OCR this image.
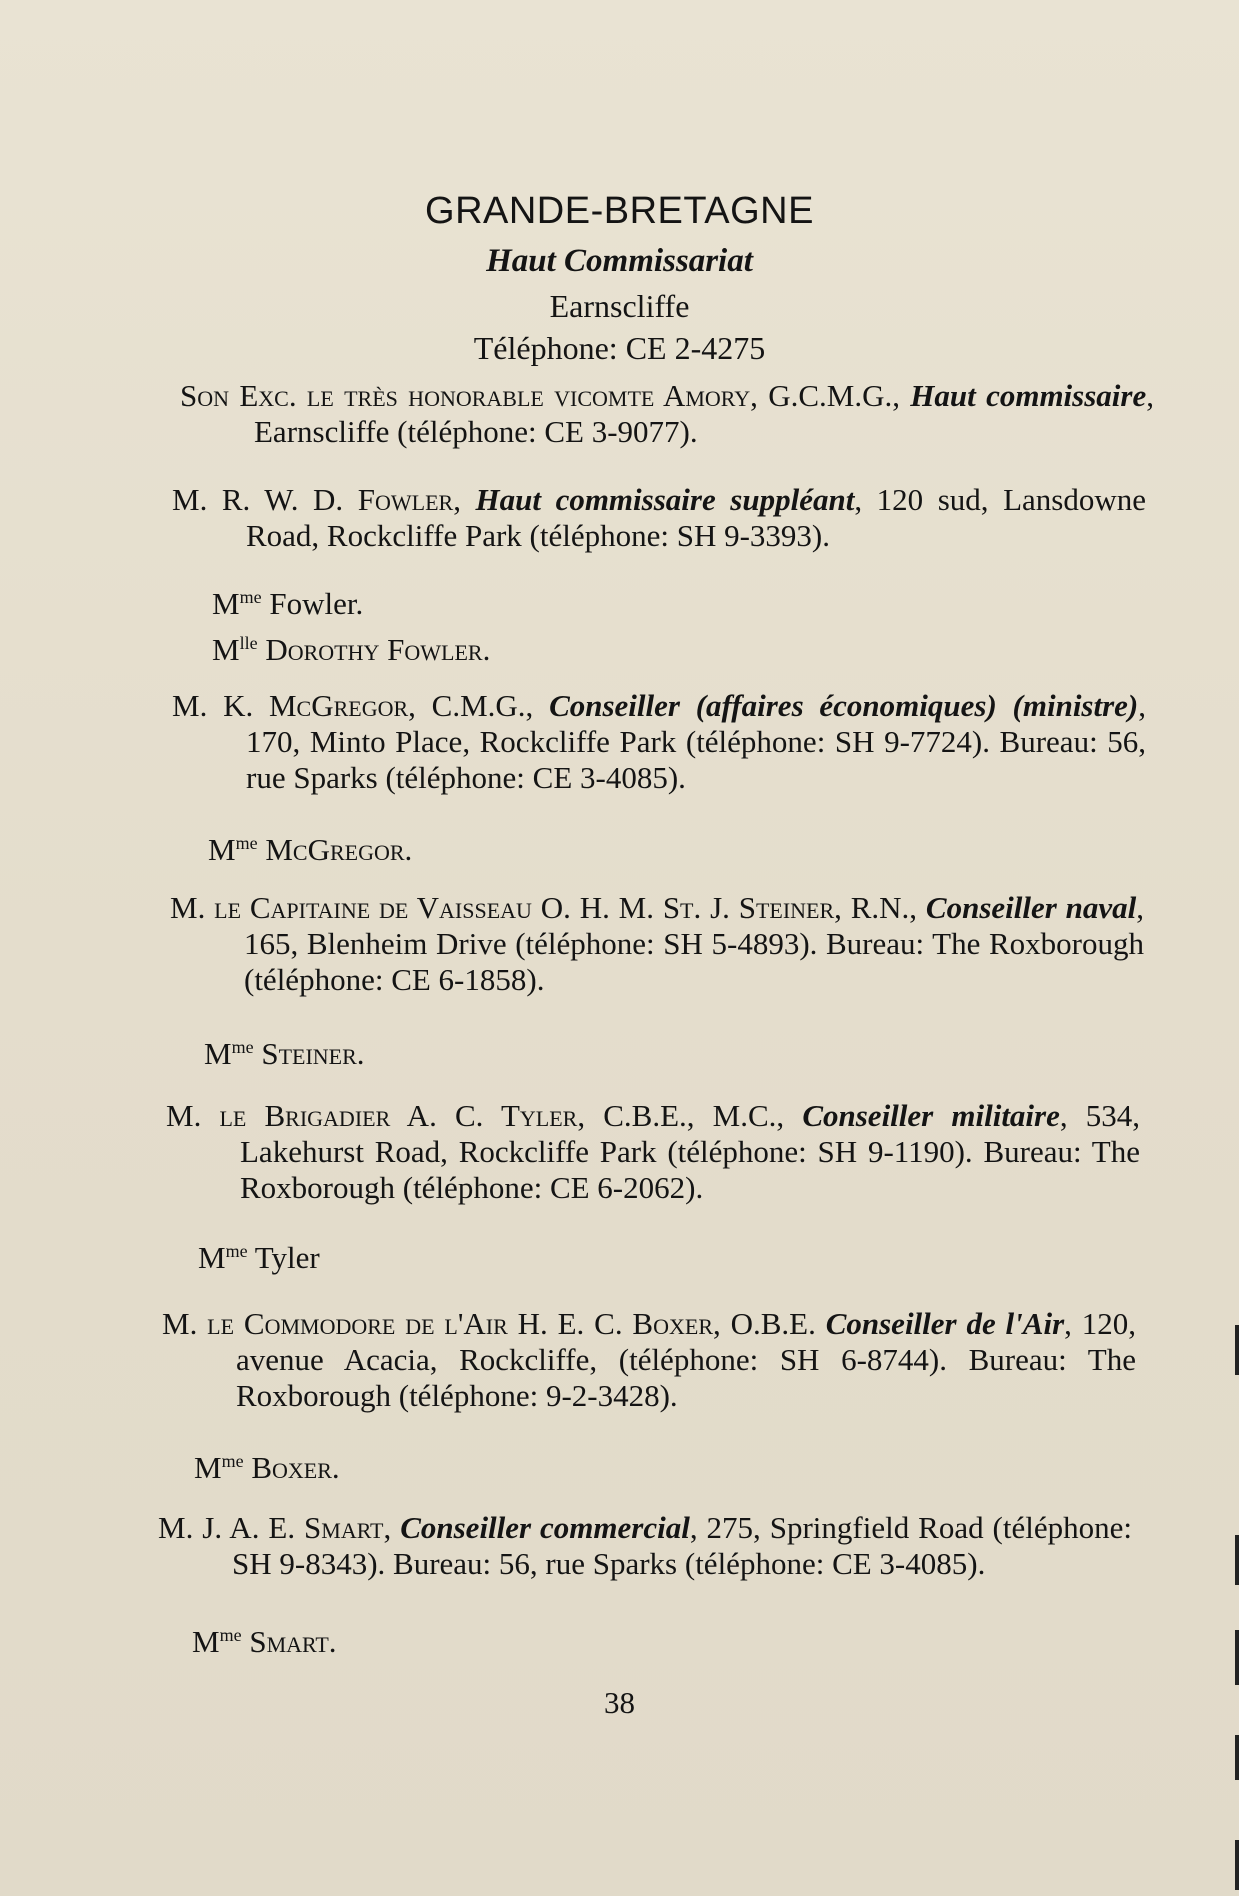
GRANDE-BRETAGNE
Haut Commissariat
Earnscliffe
Téléphone: CE 2-4275
Son Exc. le très honorable vicomte Amory, G.C.M.G., Haut commissaire, Earnscliffe (téléphone: CE 3-9077).
M. R. W. D. Fowler, Haut commissaire suppléant, 120 sud, Lansdowne Road, Rockcliffe Park (téléphone: SH 9-3393).
$M^{me}$ Fowler.
$M^{lle}$ Dorothy Fowler.
M. K. McGregor, C.M.G., Conseiller (affaires économiques) (ministre), 170, Minto Place, Rockcliffe Park (téléphone: SH 9-7724). Bureau: 56, rue Sparks (téléphone: CE 3-4085).
$M^{me}$ McGregor.
M. le Capitaine de Vaisseau O. H. M. St. J. Steiner, R.N., Conseiller naval, 165, Blenheim Drive (téléphone: SH 5-4893). Bureau: The Roxborough (téléphone: CE 6-1858).
$M^{me}$ Steiner.
M. le Brigadier A. C. Tyler, C.B.E., M.C., Conseiller militaire, 534, Lakehurst Road, Rockcliffe Park (téléphone: SH 9-1190). Bureau: The Roxborough (téléphone: CE 6-2062).
$M^{me}$ Tyler
M. le Commodore de l'Air H. E. C. Boxer, O.B.E. Conseiller de l'Air, 120, avenue Acacia, Rockcliffe, (téléphone: SH 6-8744). Bureau: The Roxborough (téléphone: 9-2-3428).
$M^{me}$ Boxer.
M. J. A. E. Smart, Conseiller commercial, 275, Springfield Road (téléphone: SH 9-8343). Bureau: 56, rue Sparks (téléphone: CE 3-4085).
$M^{me}$ Smart.
38
